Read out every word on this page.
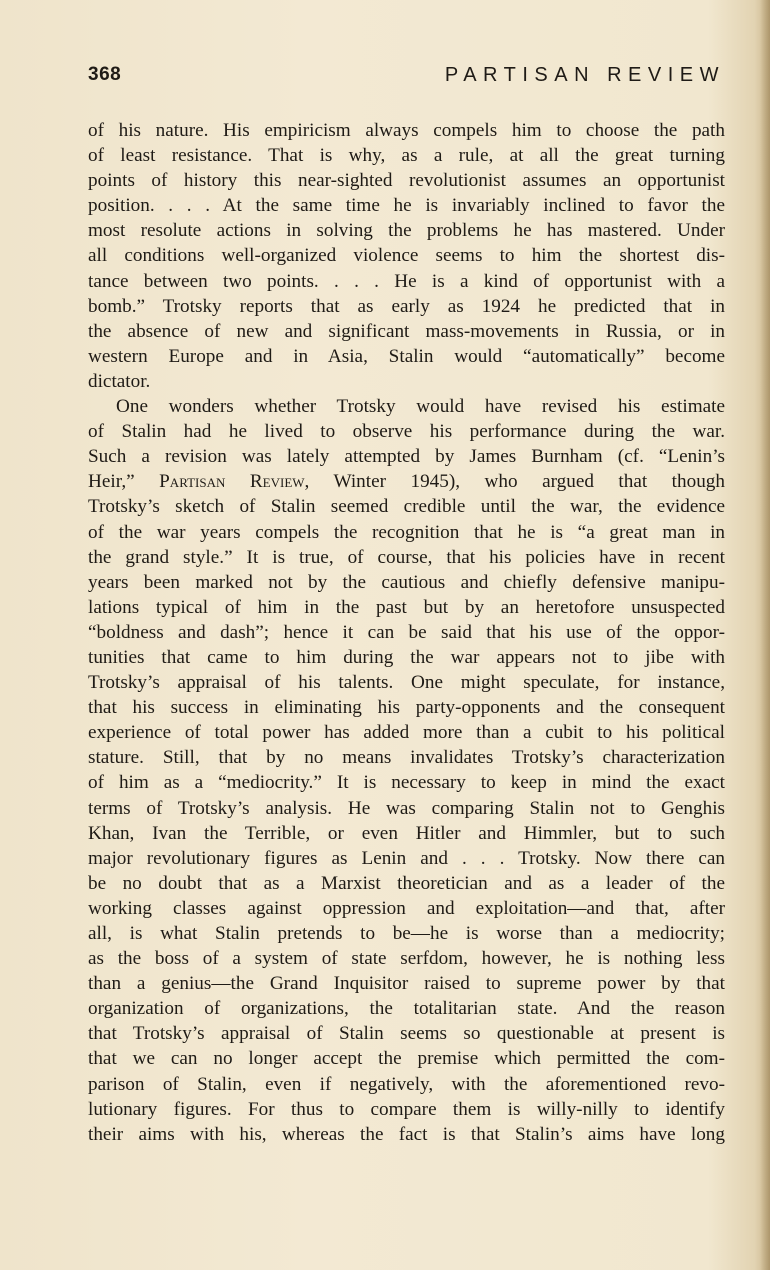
368	PARTISAN REVIEW
of his nature. His empiricism always compels him to choose the path
of least resistance. That is why, as a rule, at all the great turning
points of history this near-sighted revolutionist assumes an opportunist
position. . . . At the same time he is invariably inclined to favor the
most resolute actions in solving the problems he has mastered. Under
all conditions well-organized violence seems to him the shortest dis-
tance between two points. . . . He is a kind of opportunist with a
bomb.” Trotsky reports that as early as 1924 he predicted that in
the absence of new and significant mass-movements in Russia, or in
western Europe and in Asia, Stalin would “automatically” become
dictator.
One wonders whether Trotsky would have revised his estimate
of Stalin had he lived to observe his performance during the war.
Such a revision was lately attempted by James Burnham (cf. “Lenin’s
Heir,” Partisan Review, Winter 1945), who argued that though
Trotsky’s sketch of Stalin seemed credible until the war, the evidence
of the war years compels the recognition that he is “a great man in
the grand style.” It is true, of course, that his policies have in recent
years been marked not by the cautious and chiefly defensive manipu-
lations typical of him in the past but by an heretofore unsuspected
“boldness and dash”; hence it can be said that his use of the oppor-
tunities that came to him during the war appears not to jibe with
Trotsky’s appraisal of his talents. One might speculate, for instance,
that his success in eliminating his party-opponents and the consequent
experience of total power has added more than a cubit to his political
stature. Still, that by no means invalidates Trotsky’s characterization
of him as a “mediocrity.” It is necessary to keep in mind the exact
terms of Trotsky’s analysis. He was comparing Stalin not to Genghis
Khan, Ivan the Terrible, or even Hitler and Himmler, but to such
major revolutionary figures as Lenin and . . . Trotsky. Now there can
be no doubt that as a Marxist theoretician and as a leader of the
working classes against oppression and exploitation—and that, after
all, is what Stalin pretends to be—he is worse than a mediocrity;
as the boss of a system of state serfdom, however, he is nothing less
than a genius—the Grand Inquisitor raised to supreme power by that
organization of organizations, the totalitarian state. And the reason
that Trotsky’s appraisal of Stalin seems so questionable at present is
that we can no longer accept the premise which permitted the com-
parison of Stalin, even if negatively, with the aforementioned revo-
lutionary figures. For thus to compare them is willy-nilly to identify
their aims with his, whereas the fact is that Stalin’s aims have long
